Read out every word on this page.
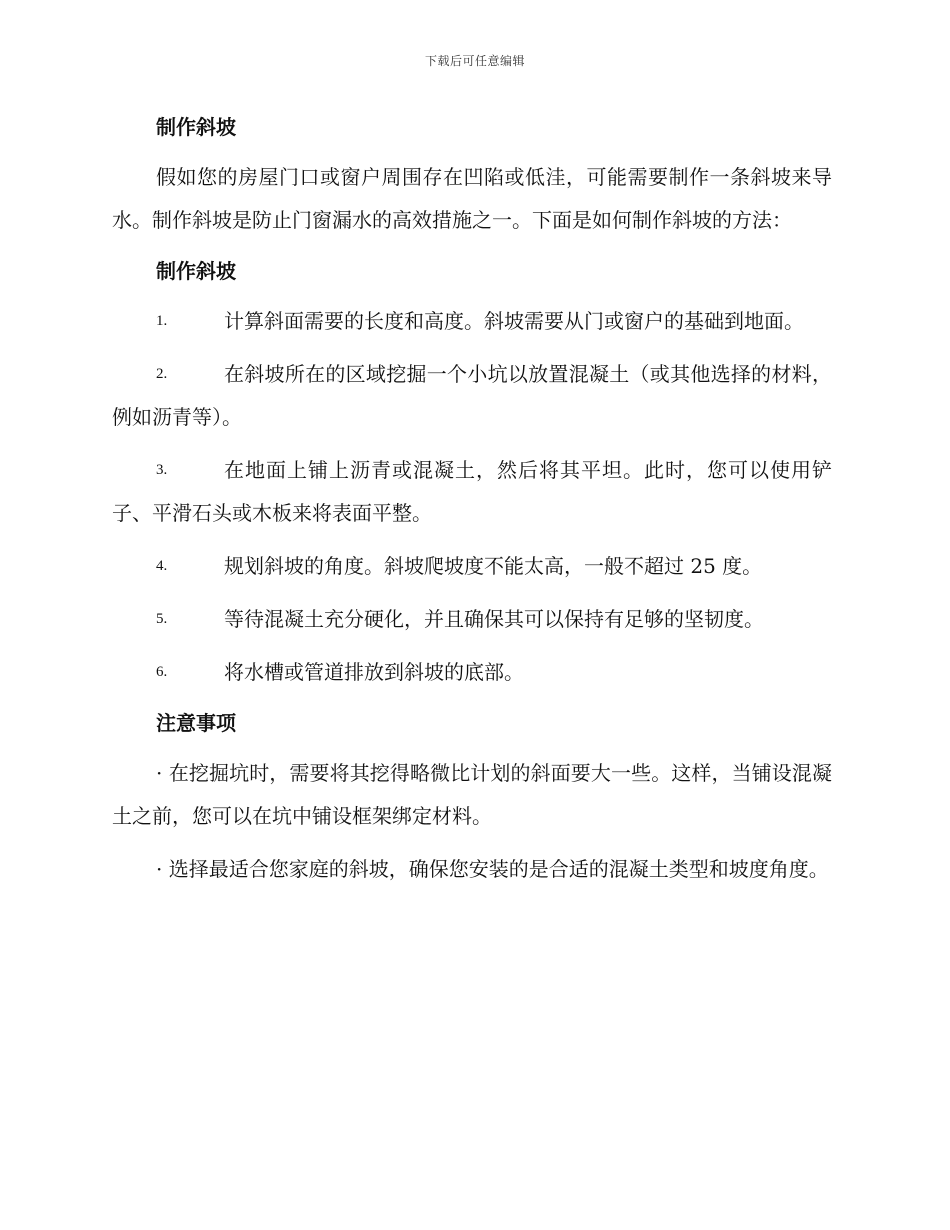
下载后可任意编辑

制作斜坡

假如您的房屋门口或窗户周围存在凹陷或低洼，可能需要制作一条斜坡来导水。制作斜坡是防止门窗漏水的高效措施之一。下面是如何制作斜坡的方法：

制作斜坡

1.	计算斜面需要的长度和高度。斜坡需要从门或窗户的基础到地面。

2.	在斜坡所在的区域挖掘一个小坑以放置混凝土（或其他选择的材料，例如沥青等）。

3.	在地面上铺上沥青或混凝土，然后将其平坦。此时，您可以使用铲子、平滑石头或木板来将表面平整。

4.	规划斜坡的角度。斜坡爬坡度不能太高，一般不超过 25 度。

5.	等待混凝土充分硬化，并且确保其可以保持有足够的坚韧度。

6.	将水槽或管道排放到斜坡的底部。

注意事项

· 在挖掘坑时，需要将其挖得略微比计划的斜面要大一些。这样，当铺设混凝土之前，您可以在坑中铺设框架绑定材料。

· 选择最适合您家庭的斜坡，确保您安装的是合适的混凝土类型和坡度角度。
